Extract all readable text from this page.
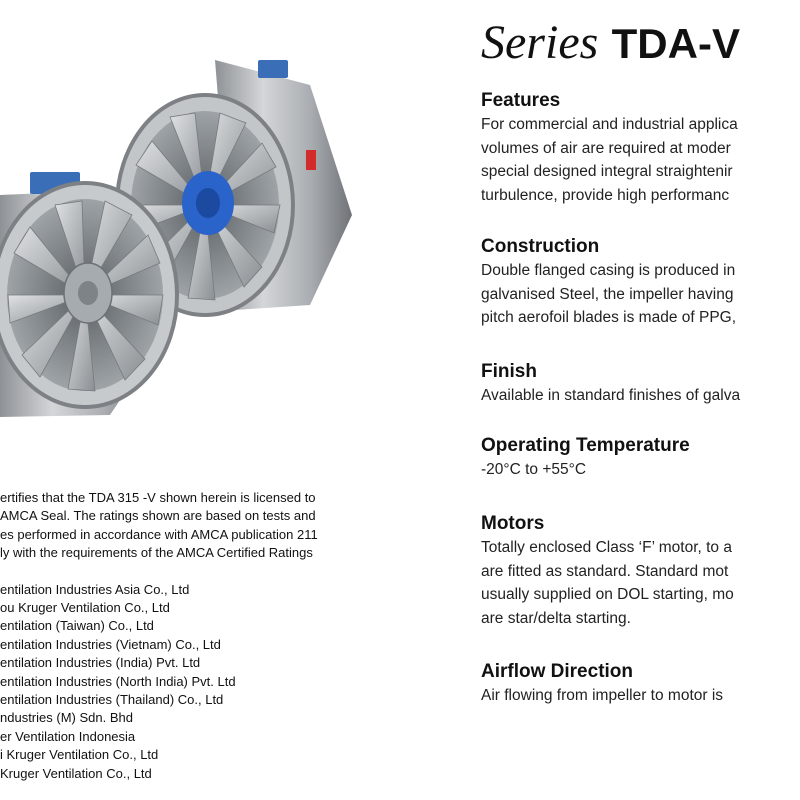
Series TDA-V
Features
For commercial and industrial applica
volumes of air are required at moder
special designed integral straightenir
turbulence, provide high performanc
Construction
Double flanged casing is produced in
galvanised Steel, the impeller having
pitch aerofoil blades is made of PPG,
Finish
Available in standard finishes of galva
Operating Temperature
-20°C to +55°C
Motors
Totally enclosed Class ‘F’ motor, to a
are fitted as standard. Standard mot
usually supplied on DOL starting, mo
are star/delta starting.
Airflow Direction
Air flowing from impeller to motor is
ertifies that the TDA 315 -V shown herein is licensed to
AMCA Seal. The ratings shown are based on tests and
es performed in accordance with AMCA publication 211
ly with the requirements of the AMCA Certified Ratings
entilation Industries Asia Co., Ltd
ou Kruger Ventilation Co., Ltd
entilation (Taiwan) Co., Ltd
entilation Industries (Vietnam) Co., Ltd
entilation Industries (India) Pvt. Ltd
entilation Industries (North India) Pvt. Ltd
entilation Industries (Thailand) Co., Ltd
ndustries (M) Sdn. Bhd
er Ventilation Indonesia
i Kruger Ventilation Co., Ltd
Kruger Ventilation Co., Ltd
